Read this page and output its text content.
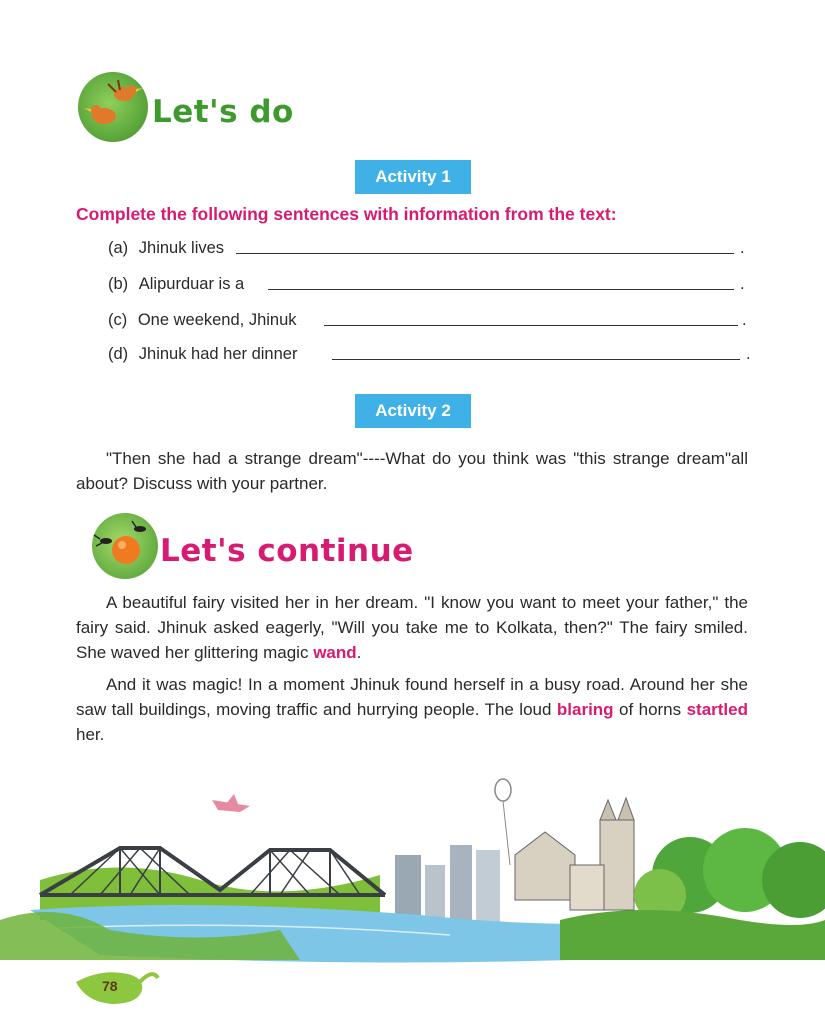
Let's do
Activity 1
Complete the following sentences with information from the text:
(a) Jhinuk lives	.
(b) Alipurduar is a	.
(c) One weekend, Jhinuk	.
(d) Jhinuk had her dinner	.
Activity 2
"Then she had a strange dream"----What do you think was "this strange dream"all about? Discuss with your partner.
Let's continue
A beautiful fairy visited her in her dream. "I know you want to meet your father," the fairy said. Jhinuk asked eagerly, "Will you take me to Kolkata, then?" The fairy smiled. She waved her glittering magic wand.
And it was magic! In a moment Jhinuk found herself in a busy road. Around her she saw tall buildings, moving traffic and hurrying people. The loud blaring of horns startled her.
78
